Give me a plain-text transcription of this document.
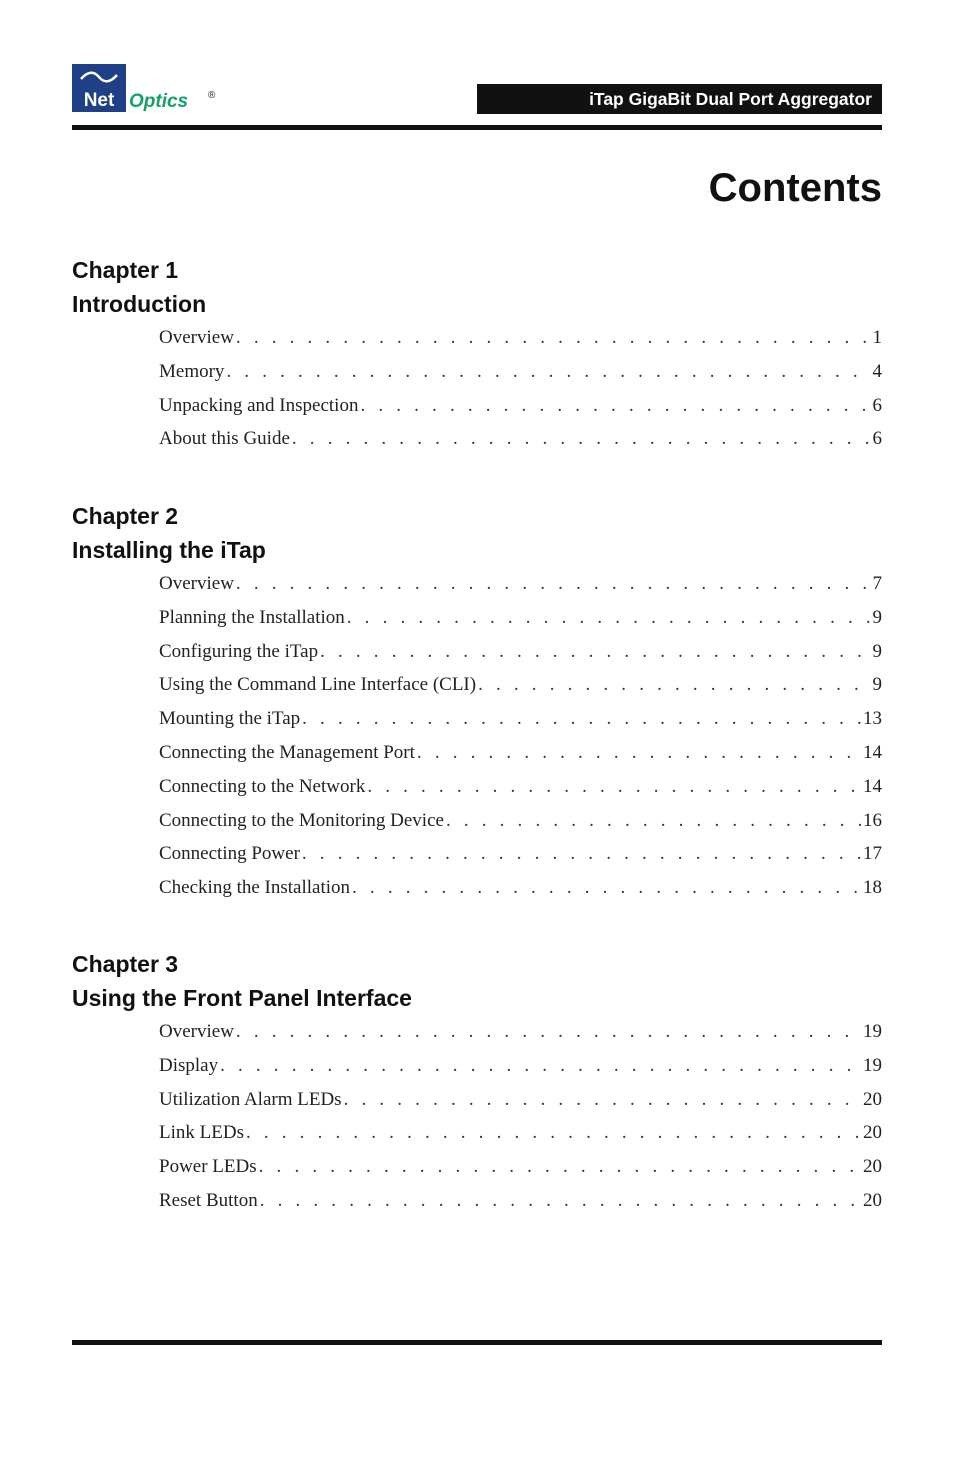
Net Optics ®	iTap GigaBit Dual Port Aggregator
Contents
Chapter 1
Introduction
Overview . . .	1
Memory . . .	4
Unpacking and Inspection . . .	6
About this Guide . . .	6
Chapter 2
Installing the iTap
Overview . . .	7
Planning the Installation . . .	9
Configuring the iTap . . .	9
Using the Command Line Interface (CLI) . . .	9
Mounting the iTap . . .	13
Connecting the Management Port . . .	14
Connecting to the Network . . .	14
Connecting to the Monitoring Device . . .	16
Connecting Power . . .	17
Checking the Installation . . .	18
Chapter 3
Using the Front Panel Interface
Overview . . .	19
Display . . .	19
Utilization Alarm LEDs . . .	20
Link LEDs . . .	20
Power LEDs . . .	20
Reset Button . . .	20
